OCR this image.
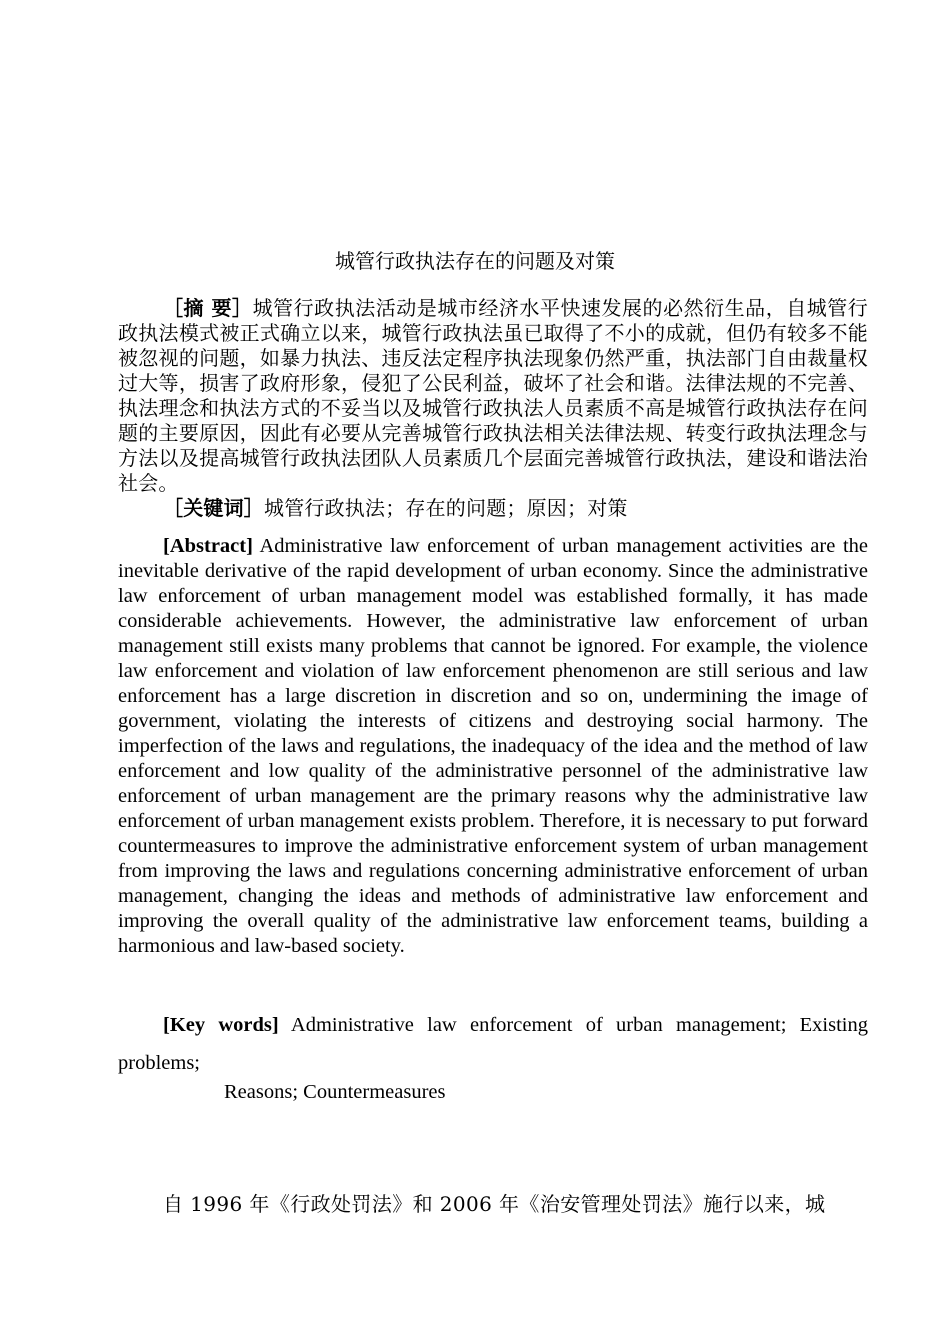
城管行政执法存在的问题及对策
［摘 要］城管行政执法活动是城市经济水平快速发展的必然衍生品，自城管行政执法模式被正式确立以来，城管行政执法虽已取得了不小的成就，但仍有较多不能被忽视的问题，如暴力执法、违反法定程序执法现象仍然严重，执法部门自由裁量权过大等，损害了政府形象，侵犯了公民利益，破坏了社会和谐。法律法规的不完善、执法理念和执法方式的不妥当以及城管行政执法人员素质不高是城管行政执法存在问题的主要原因，因此有必要从完善城管行政执法相关法律法规、转变行政执法理念与方法以及提高城管行政执法团队人员素质几个层面完善城管行政执法，建设和谐法治社会。
［关键词］城管行政执法；存在的问题；原因；对策
[Abstract] Administrative law enforcement of urban management activities are the inevitable derivative of the rapid development of urban economy. Since the administrative law enforcement of urban management model was established formally, it has made considerable achievements. However, the administrative law enforcement of urban management still exists many problems that cannot be ignored. For example, the violence law enforcement and violation of law enforcement phenomenon are still serious and law enforcement has a large discretion in discretion and so on, undermining the image of government, violating the interests of citizens and destroying social harmony. The imperfection of the laws and regulations, the inadequacy of the idea and the method of law enforcement and low quality of the administrative personnel of the administrative law enforcement of urban management are the primary reasons why the administrative law enforcement of urban management exists problem. Therefore, it is necessary to put forward countermeasures to improve the administrative enforcement system of urban management from improving the laws and regulations concerning administrative enforcement of urban management, changing the ideas and methods of administrative law enforcement and improving the overall quality of the administrative law enforcement teams, building a harmonious and law-based society.
[Key words] Administrative law enforcement of urban management; Existing problems;
Reasons; Countermeasures
自 1996 年《行政处罚法》和 2006 年《治安管理处罚法》施行以来，城
